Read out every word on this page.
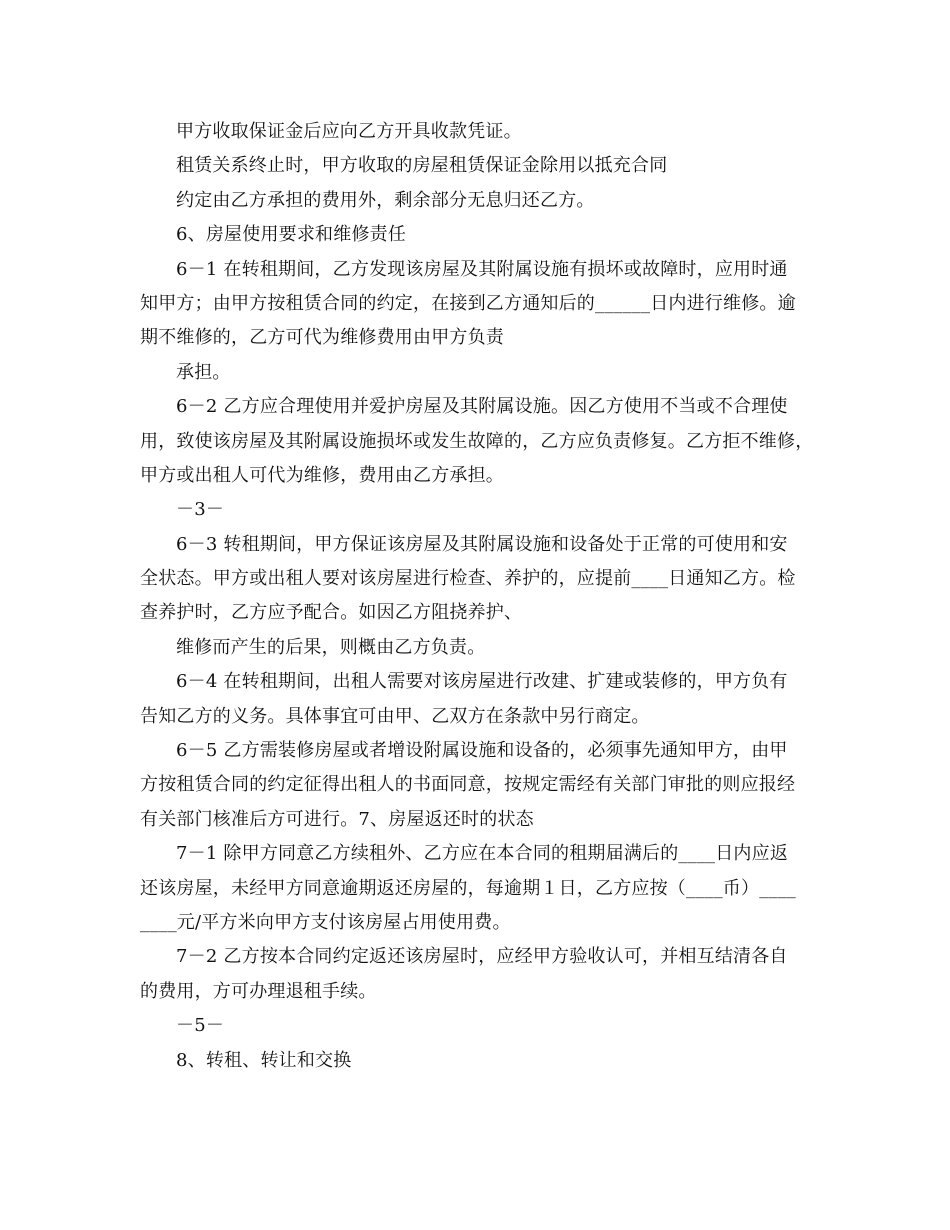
甲方收取保证金后应向乙方开具收款凭证。
租赁关系终止时，甲方收取的房屋租赁保证金除用以抵充合同
约定由乙方承担的费用外，剩余部分无息归还乙方。
6、房屋使用要求和维修责任
6－1 在转租期间，乙方发现该房屋及其附属设施有损坏或故障时，应用时通
知甲方；由甲方按租赁合同的约定，在接到乙方通知后的______日内进行维修。逾
期不维修的，乙方可代为维修费用由甲方负责
承担。
6－2 乙方应合理使用并爱护房屋及其附属设施。因乙方使用不当或不合理使
用，致使该房屋及其附属设施损坏或发生故障的，乙方应负责修复。乙方拒不维修，
甲方或出租人可代为维修，费用由乙方承担。
－3－
6－3 转租期间，甲方保证该房屋及其附属设施和设备处于正常的可使用和安
全状态。甲方或出租人要对该房屋进行检查、养护的，应提前____日通知乙方。检
查养护时，乙方应予配合。如因乙方阻挠养护、
维修而产生的后果，则概由乙方负责。
6－4 在转租期间，出租人需要对该房屋进行改建、扩建或装修的，甲方负有
告知乙方的义务。具体事宜可由甲、乙双方在条款中另行商定。
6－5 乙方需装修房屋或者增设附属设施和设备的，必须事先通知甲方，由甲
方按租赁合同的约定征得出租人的书面同意，按规定需经有关部门审批的则应报经
有关部门核准后方可进行。7、房屋返还时的状态
7－1 除甲方同意乙方续租外、乙方应在本合同的租期届满后的____日内应返
还该房屋，未经甲方同意逾期返还房屋的，每逾期１日，乙方应按（____币）____
____元/平方米向甲方支付该房屋占用使用费。
7－2 乙方按本合同约定返还该房屋时，应经甲方验收认可，并相互结清各自
的费用，方可办理退租手续。
－5－
8、转租、转让和交换
